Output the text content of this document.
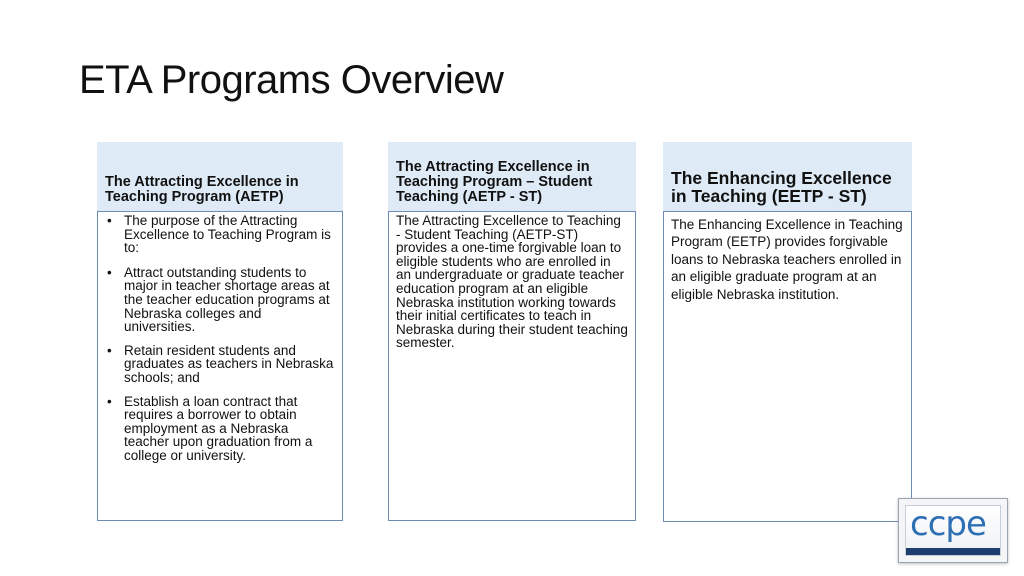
ETA Programs Overview
The Attracting Excellence in Teaching Program (AETP)
• The purpose of the Attracting Excellence to Teaching Program is to:
• Attract outstanding students to major in teacher shortage areas at the teacher education programs at Nebraska colleges and universities.
• Retain resident students and graduates as teachers in Nebraska schools; and
• Establish a loan contract that requires a borrower to obtain employment as a Nebraska teacher upon graduation from a college or university.
The Attracting Excellence in Teaching Program – Student Teaching (AETP - ST)
The Attracting Excellence to Teaching - Student Teaching (AETP-ST) provides a one-time forgivable loan to eligible students who are enrolled in an undergraduate or graduate teacher education program at an eligible Nebraska institution working towards their initial certificates to teach in Nebraska during their student teaching semester.
The Enhancing Excellence in Teaching (EETP - ST)
The Enhancing Excellence in Teaching Program (EETP) provides forgivable loans to Nebraska teachers enrolled in an eligible graduate program at an eligible Nebraska institution.
ccpe
